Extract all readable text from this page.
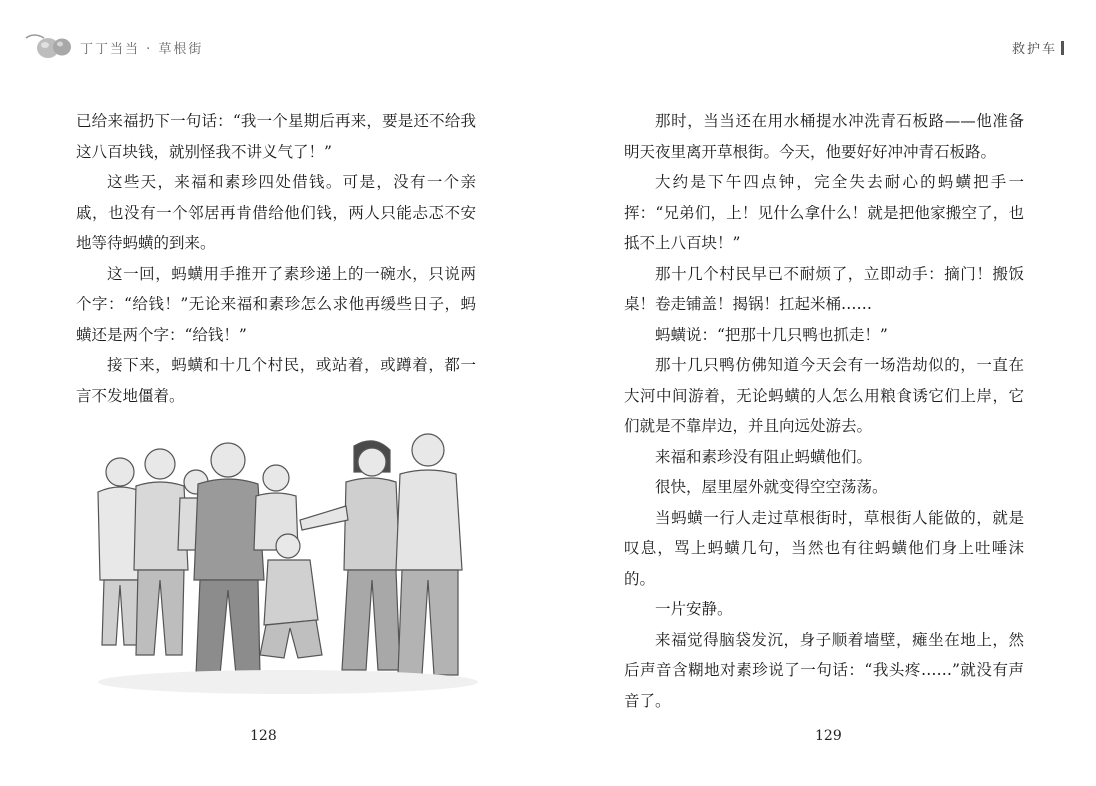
丁丁当当 · 草根街	救护车

已给来福扔下一句话：“我一个星期后再来，要是还不给我这八百块钱，就别怪我不讲义气了！”

这些天，来福和素珍四处借钱。可是，没有一个亲戚，也没有一个邻居再肯借给他们钱，两人只能忐忑不安地等待蚂蟥的到来。

这一回，蚂蟥用手推开了素珍递上的一碗水，只说两个字：“给钱！”无论来福和素珍怎么求他再缓些日子，蚂蟥还是两个字：“给钱！”

接下来，蚂蟥和十几个村民，或站着，或蹲着，都一言不发地僵着。

128

那时，当当还在用水桶提水冲洗青石板路——他准备明天夜里离开草根街。今天，他要好好冲冲青石板路。

大约是下午四点钟，完全失去耐心的蚂蟥把手一挥：“兄弟们，上！见什么拿什么！就是把他家搬空了，也抵不上八百块！”

那十几个村民早已不耐烦了，立即动手：摘门！搬饭桌！卷走铺盖！揭锅！扛起米桶……

蚂蟥说：“把那十几只鸭也抓走！”

那十几只鸭仿佛知道今天会有一场浩劫似的，一直在大河中间游着，无论蚂蟥的人怎么用粮食诱它们上岸，它们就是不靠岸边，并且向远处游去。

来福和素珍没有阻止蚂蟥他们。

很快，屋里屋外就变得空空荡荡。

当蚂蟥一行人走过草根街时，草根街人能做的，就是叹息，骂上蚂蟥几句，当然也有往蚂蟥他们身上吐唾沫的。

一片安静。

来福觉得脑袋发沉，身子顺着墙壁，瘫坐在地上，然后声音含糊地对素珍说了一句话：“我头疼……”就没有声音了。

129
